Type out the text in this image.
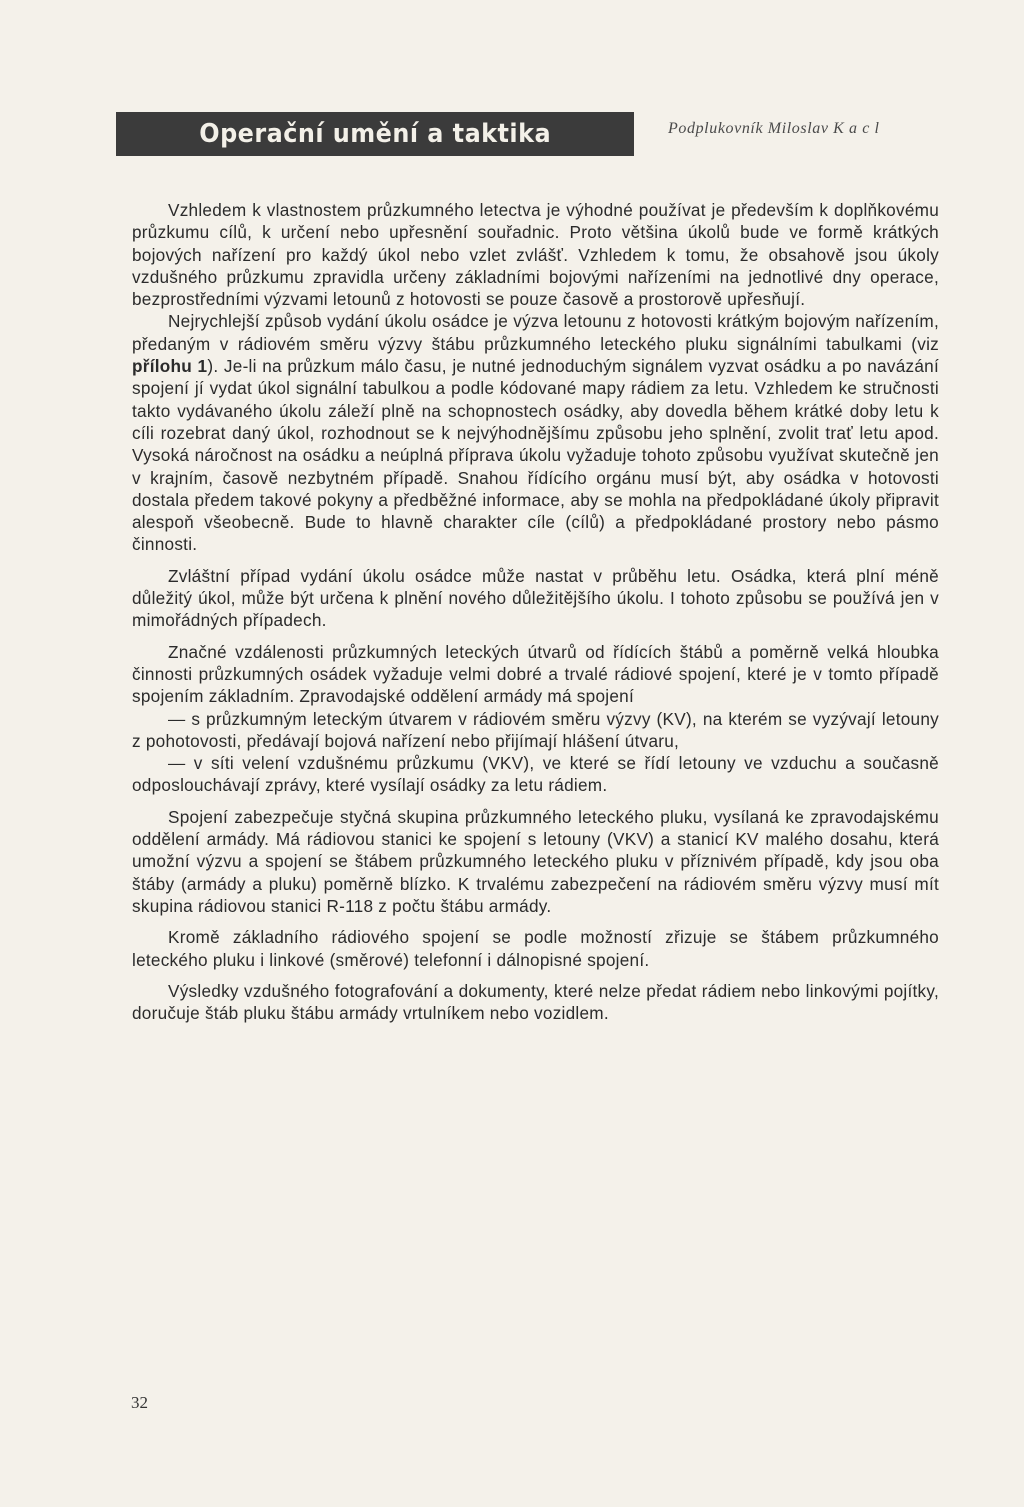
Operační umění a taktika	Podplukovník Miloslav K a c l

Vzhledem k vlastnostem průzkumného letectva je výhodné používat je především k doplňkovému průzkumu cílů, k určení nebo upřesnění souřadnic. Proto většina úkolů bude ve formě krátkých bojových nařízení pro každý úkol nebo vzlet zvlášť. Vzhledem k tomu, že obsahově jsou úkoly vzdušného průzkumu zpravidla určeny základními bojovými nařízeními na jednotlivé dny operace, bezprostředními výzvami letounů z hotovosti se pouze časově a prostorově upřesňují.

Nejrychlejší způsob vydání úkolu osádce je výzva letounu z hotovosti krátkým bojovým nařízením, předaným v rádiovém směru výzvy štábu průzkumného leteckého pluku signálními tabulkami (viz přílohu 1). Je-li na průzkum málo času, je nutné jednoduchým signálem vyzvat osádku a po navázání spojení jí vydat úkol signální tabulkou a podle kódované mapy rádiem za letu. Vzhledem ke stručnosti takto vydávaného úkolu záleží plně na schopnostech osádky, aby dovedla během krátké doby letu k cíli rozebrat daný úkol, rozhodnout se k nejvýhodnějšímu způsobu jeho splnění, zvolit trať letu apod. Vysoká náročnost na osádku a neúplná příprava úkolu vyžaduje tohoto způsobu využívat skutečně jen v krajním, časově nezbytném případě. Snahou řídícího orgánu musí být, aby osádka v hotovosti dostala předem takové pokyny a předběžné informace, aby se mohla na předpokládané úkoly připravit alespoň všeobecně. Bude to hlavně charakter cíle (cílů) a předpokládané prostory nebo pásmo činnosti.

Zvláštní případ vydání úkolu osádce může nastat v průběhu letu. Osádka, která plní méně důležitý úkol, může být určena k plnění nového důležitějšího úkolu. I tohoto způsobu se používá jen v mimořádných případech.

Značné vzdálenosti průzkumných leteckých útvarů od řídících štábů a poměrně velká hloubka činnosti průzkumných osádek vyžaduje velmi dobré a trvalé rádiové spojení, které je v tomto případě spojením základním. Zpravodajské oddělení armády má spojení

— s průzkumným leteckým útvarem v rádiovém směru výzvy (KV), na kterém se vyzývají letouny z pohotovosti, předávají bojová nařízení nebo přijímají hlášení útvaru,

— v síti velení vzdušnému průzkumu (VKV), ve které se řídí letouny ve vzduchu a současně odposlouchávají zprávy, které vysílají osádky za letu rádiem.

Spojení zabezpečuje styčná skupina průzkumného leteckého pluku, vysílaná ke zpravodajskému oddělení armády. Má rádiovou stanici ke spojení s letouny (VKV) a stanicí KV malého dosahu, která umožní výzvu a spojení se štábem průzkumného leteckého pluku v příznivém případě, kdy jsou oba štáby (armády a pluku) poměrně blízko. K trvalému zabezpečení na rádiovém směru výzvy musí mít skupina rádiovou stanici R-118 z počtu štábu armády.

Kromě základního rádiového spojení se podle možností zřizuje se štábem průzkumného leteckého pluku i linkové (směrové) telefonní i dálnopisné spojení.

Výsledky vzdušného fotografování a dokumenty, které nelze předat rádiem nebo linkovými pojítky, doručuje štáb pluku štábu armády vrtulníkem nebo vozidlem.

32
